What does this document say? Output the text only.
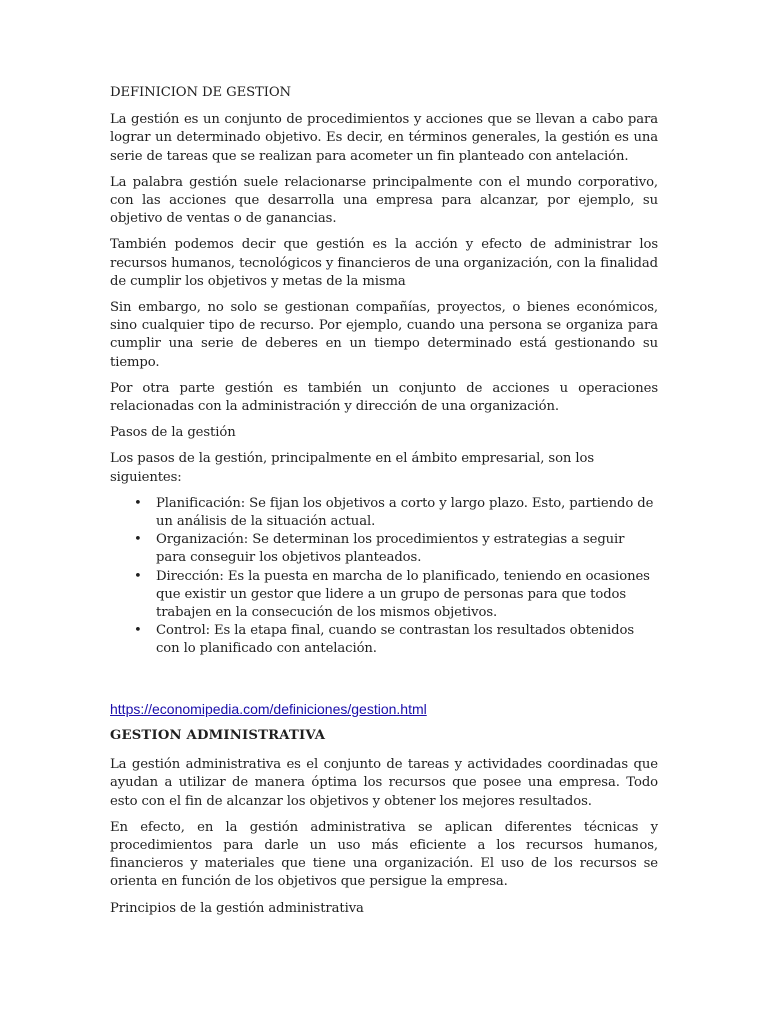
DEFINICION DE GESTION

La gestión es un conjunto de procedimientos y acciones que se llevan a cabo para lograr un determinado objetivo. Es decir, en términos generales, la gestión es una serie de tareas que se realizan para acometer un fin planteado con antelación.

La palabra gestión suele relacionarse principalmente con el mundo corporativo, con las acciones que desarrolla una empresa para alcanzar, por ejemplo, su objetivo de ventas o de ganancias.

También podemos decir que gestión es la acción y efecto de administrar los recursos humanos, tecnológicos y financieros de una organización, con la finalidad de cumplir los objetivos y metas de la misma

Sin embargo, no solo se gestionan compañías, proyectos, o bienes económicos, sino cualquier tipo de recurso. Por ejemplo, cuando una persona se organiza para cumplir una serie de deberes en un tiempo determinado está gestionando su tiempo.

Por otra parte gestión es también un conjunto de acciones u operaciones relacionadas con la administración y dirección de una organización.

Pasos de la gestión

Los pasos de la gestión, principalmente en el ámbito empresarial, son los siguientes:

• Planificación: Se fijan los objetivos a corto y largo plazo. Esto, partiendo de un análisis de la situación actual.
• Organización: Se determinan los procedimientos y estrategias a seguir para conseguir los objetivos planteados.
• Dirección: Es la puesta en marcha de lo planificado, teniendo en ocasiones que existir un gestor que lidere a un grupo de personas para que todos trabajen en la consecución de los mismos objetivos.
• Control: Es la etapa final, cuando se contrastan los resultados obtenidos con lo planificado con antelación.
https://economipedia.com/definiciones/gestion.html

GESTION ADMINISTRATIVA

La gestión administrativa es el conjunto de tareas y actividades coordinadas que ayudan a utilizar de manera óptima los recursos que posee una empresa. Todo esto con el fin de alcanzar los objetivos y obtener los mejores resultados.

En efecto, en la gestión administrativa se aplican diferentes técnicas y procedimientos para darle un uso más eficiente a los recursos humanos, financieros y materiales que tiene una organización. El uso de los recursos se orienta en función de los objetivos que persigue la empresa.

Principios de la gestión administrativa
